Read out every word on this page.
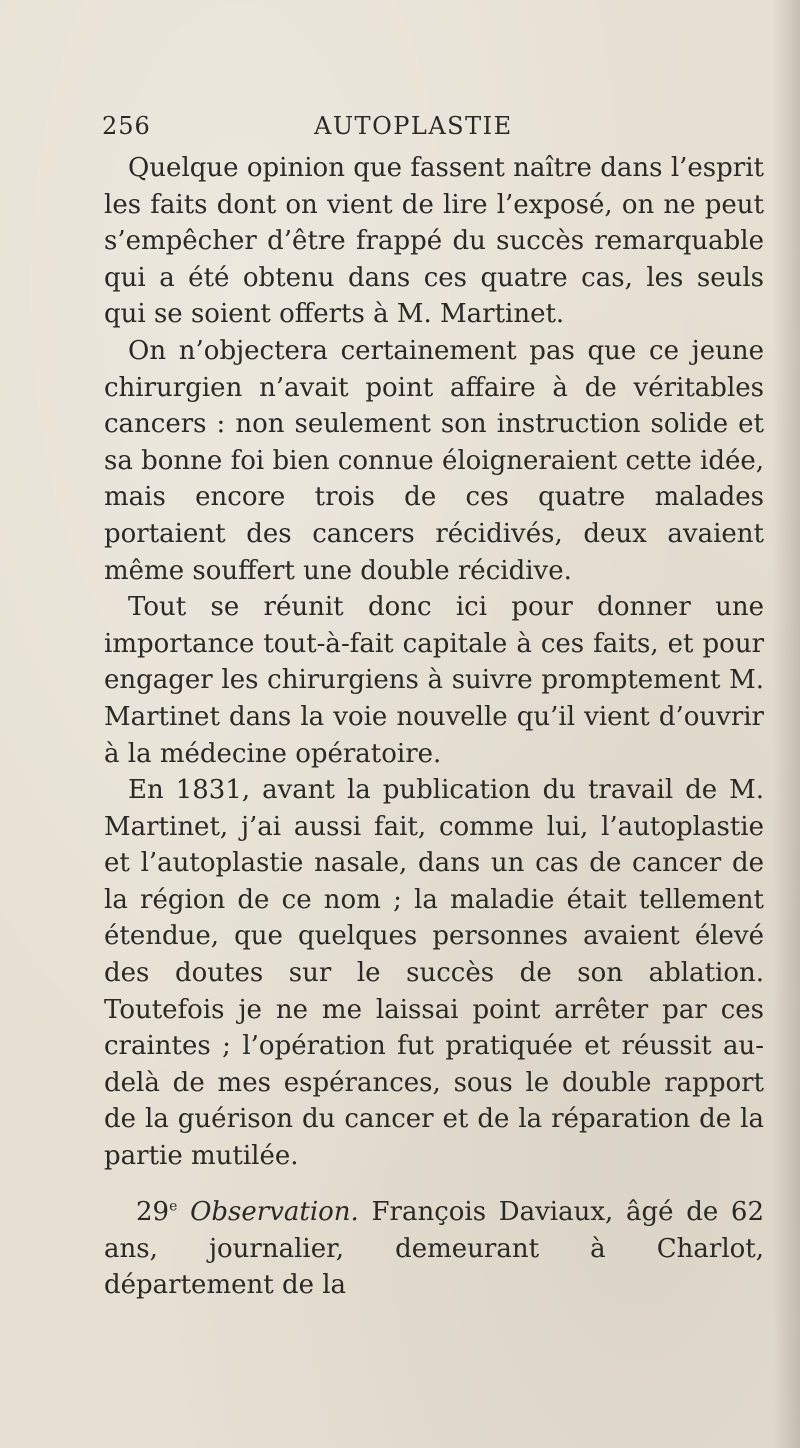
256	AUTOPLASTIE

Quelque opinion que fassent naître dans l’esprit les faits dont on vient de lire l’exposé, on ne peut s’empêcher d’être frappé du succès remarquable qui a été obtenu dans ces quatre cas, les seuls qui se soient offerts à M. Martinet.

On n’objectera certainement pas que ce jeune chirurgien n’avait point affaire à de véritables cancers : non seulement son instruction solide et sa bonne foi bien connue éloigneraient cette idée, mais encore trois de ces quatre malades portaient des cancers récidivés, deux avaient même souffert une double récidive.

Tout se réunit donc ici pour donner une importance tout-à-fait capitale à ces faits, et pour engager les chirurgiens à suivre promptement M. Martinet dans la voie nouvelle qu’il vient d’ouvrir à la médecine opératoire.

En 1831, avant la publication du travail de M. Martinet, j’ai aussi fait, comme lui, l’autoplastie et l’autoplastie nasale, dans un cas de cancer de la région de ce nom ; la maladie était tellement étendue, que quelques personnes avaient élevé des doutes sur le succès de son ablation. Toutefois je ne me laissai point arrêter par ces craintes ; l’opération fut pratiquée et réussit au-delà de mes espérances, sous le double rapport de la guérison du cancer et de la réparation de la partie mutilée.

29e Observation. François Daviaux, âgé de 62 ans, journalier, demeurant à Charlot, département de la
